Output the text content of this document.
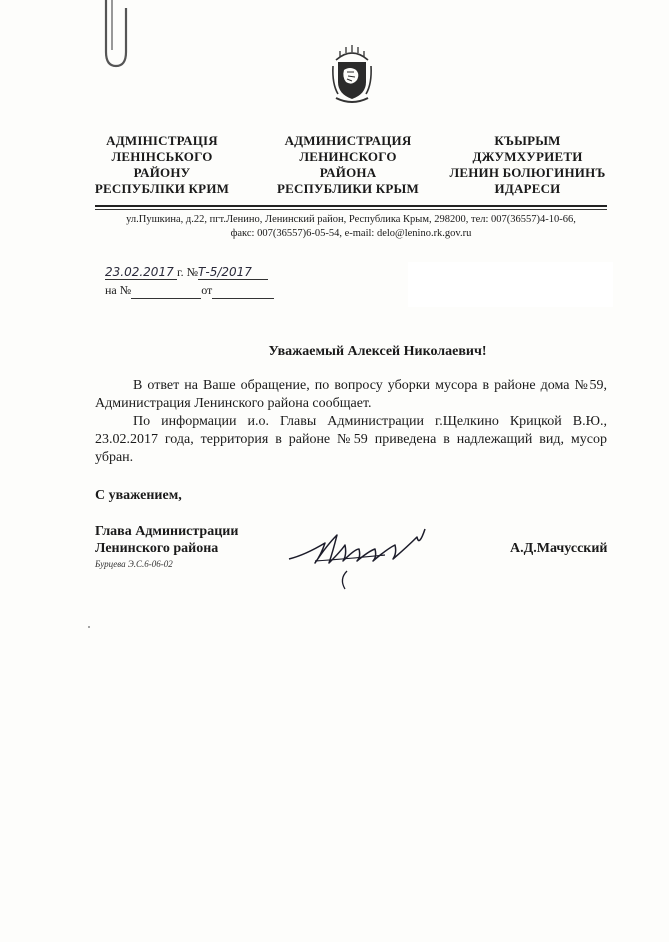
АДМІНІСТРАЦІЯ
ЛЕНІНСЬКОГО
РАЙОНУ
РЕСПУБЛІКИ КРИМ
АДМИНИСТРАЦИЯ
ЛЕНИНСКОГО
РАЙОНА
РЕСПУБЛИКИ КРЫМ
КЪЫРЫМ
ДЖУМХУРИЕТИ
ЛЕНИН БОЛЮГИНИНЪ
ИДАРЕСИ
ул.Пушкина, д.22, пгт.Ленино, Ленинский район, Республика Крым, 298200, тел: 007(36557)4-10-66,
факс: 007(36557)6-05-54, e-mail: delo@lenino.rk.gov.ru
23.02.2017 г. №Т-5/2017
на №	от
Уважаемый Алексей Николаевич!
В ответ на Ваше обращение, по вопросу уборки мусора в районе дома №59, Администрация Ленинского района сообщает.
По информации и.о. Главы Администрации г.Щелкино Крицкой В.Ю., 23.02.2017 года, территория в районе №59 приведена в надлежащий вид, мусор убран.
С уважением,
Глава Администрации
Ленинского района
Бурцева Э.С.6-06-02
А.Д.Мачусский
